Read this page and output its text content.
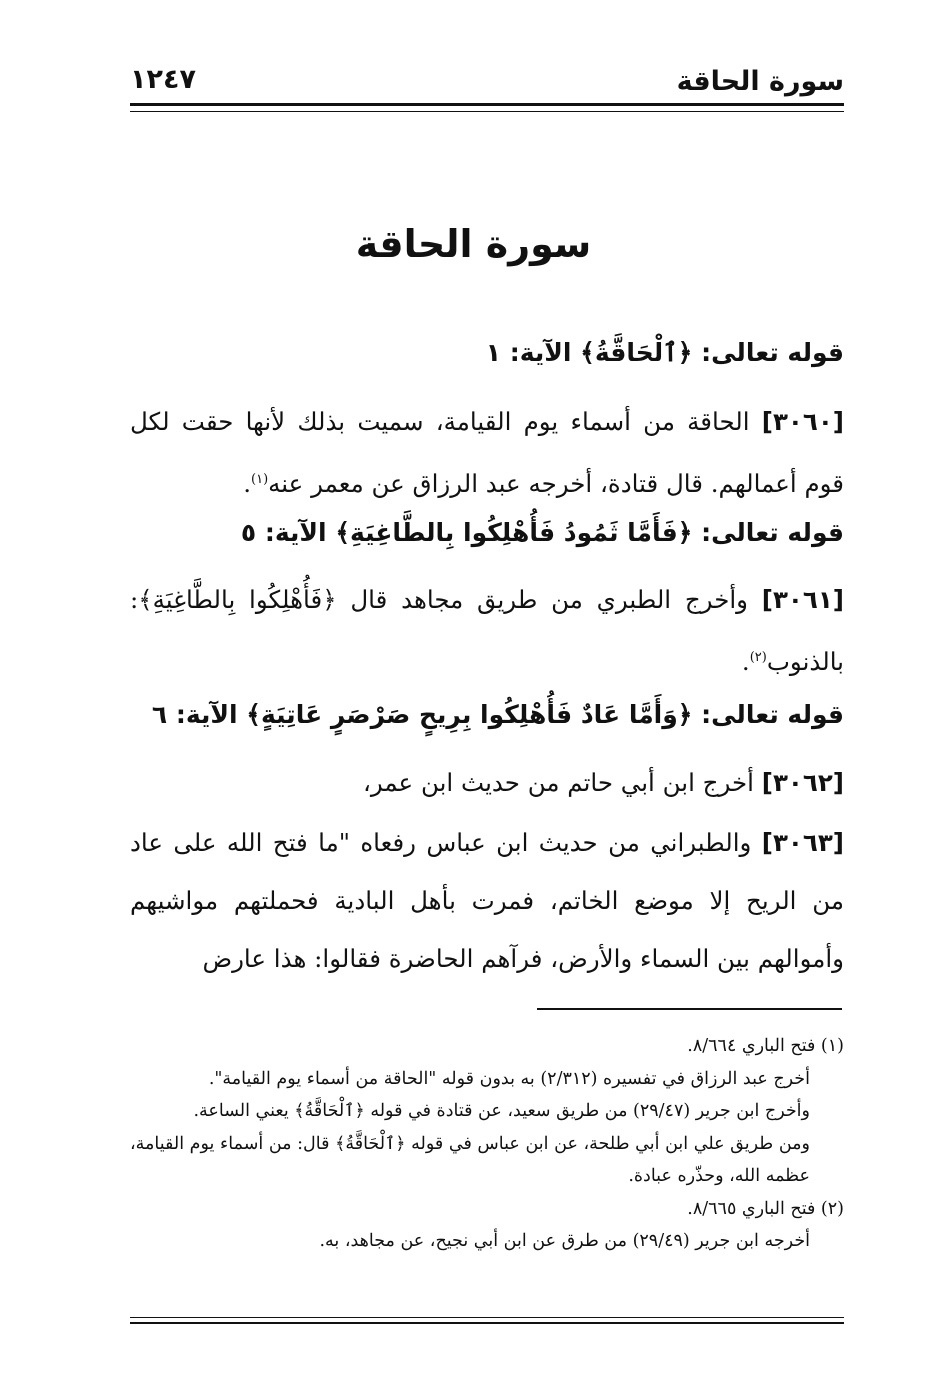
سورة الحاقة
١٢٤٧
سورة الحاقة
قوله تعالى: ﴿ٱلْحَاقَّةُ﴾ الآية: ١
[٣٠٦٠] الحاقة من أسماء يوم القيامة، سميت بذلك لأنها حقت لكل قوم أعمالهم. قال قتادة، أخرجه عبد الرزاق عن معمر عنه$^{(١)}$.
قوله تعالى: ﴿فَأَمَّا ثَمُودُ فَأُهْلِكُوا بِالطَّاغِيَةِ﴾ الآية: ٥
[٣٠٦١] وأخرج الطبري من طريق مجاهد قال ﴿فَأُهْلِكُوا بِالطَّاغِيَةِ﴾: بالذنوب$^{(٢)}$.
قوله تعالى: ﴿وَأَمَّا عَادٌ فَأُهْلِكُوا بِرِيحٍ صَرْصَرٍ عَاتِيَةٍ﴾ الآية: ٦
[٣٠٦٢] أخرج ابن أبي حاتم من حديث ابن عمر،
[٣٠٦٣] والطبراني من حديث ابن عباس رفعاه "ما فتح الله على عاد من الريح إلا موضع الخاتم، فمرت بأهل البادية فحملتهم مواشيهم وأموالهم بين السماء والأرض، فرآهم الحاضرة فقالوا: هذا عارض

(١) فتح الباري ٨/٦٦٤.

أخرج عبد الرزاق في تفسيره (٢/٣١٢) به بدون قوله "الحاقة من أسماء يوم القيامة".

وأخرج ابن جرير (٢٩/٤٧) من طريق سعيد، عن قتادة في قوله ﴿ٱلْحَاقَّةُ﴾ يعني الساعة.

ومن طريق علي ابن أبي طلحة، عن ابن عباس في قوله ﴿ٱلْحَاقَّةُ﴾ قال: من أسماء يوم القيامة، عظمه الله، وحذّره عبادة.

(٢) فتح الباري ٨/٦٦٥.

أخرجه ابن جرير (٢٩/٤٩) من طرق عن ابن أبي نجيح، عن مجاهد، به.
